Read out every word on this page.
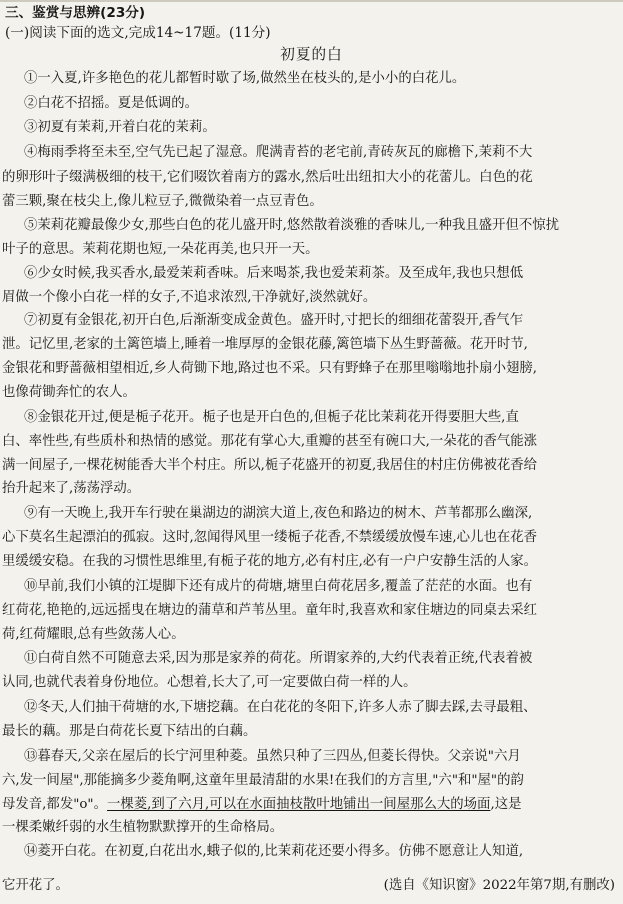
三、鉴赏与思辨(23分)

(一)阅读下面的选文,完成14~17题。(11分)

初夏的白

①一入夏,许多艳色的花儿都暂时歇了场,做然坐在枝头的,是小小的白花儿。

②白花不招摇。夏是低调的。

③初夏有茉莉,开着白花的茉莉。

④梅雨季将至未至,空气先已起了湿意。爬满青苔的老宅前,青砖灰瓦的廊檐下,茉莉不大

的卵形叶子缀满极细的枝干,它们啜饮着南方的露水,然后吐出纽扣大小的花蕾儿。白色的花

蕾三颗,聚在枝尖上,像儿粒豆子,微微染着一点豆青色。

⑤茉莉花瓣最像少女,那些白色的花儿盛开时,悠然散着淡雅的香味儿,一种我且盛开但不惊扰

叶子的意思。茉莉花期也短,一朵花再美,也只开一天。

⑥少女时候,我买香水,最爱茉莉香味。后来喝茶,我也爱茉莉茶。及至成年,我也只想低

眉做一个像小白花一样的女子,不追求浓烈,干净就好,淡然就好。

⑦初夏有金银花,初开白色,后渐渐变成金黄色。盛开时,寸把长的细细花蕾裂开,香气乍

泄。记忆里,老家的土篱笆墙上,睡着一堆厚厚的金银花藤,篱笆墙下丛生野蔷薇。花开时节,

金银花和野蔷薇相望相近,乡人荷锄下地,路过也不采。只有野蜂子在那里嗡嗡地扑扇小翅膀,

也像荷锄奔忙的农人。

⑧金银花开过,便是栀子花开。栀子也是开白色的,但栀子花比茉莉花开得要胆大些,直

白、率性些,有些质朴和热情的感觉。那花有掌心大,重瓣的甚至有碗口大,一朵花的香气能涨

满一间屋子,一棵花树能香大半个村庄。所以,栀子花盛开的初夏,我居住的村庄仿佛被花香给

抬升起来了,荡荡浮动。

⑨有一天晚上,我开车行驶在巢湖边的湖滨大道上,夜色和路边的树木、芦苇都那么幽深,

心下莫名生起漂泊的孤寂。这时,忽闻得风里一缕栀子花香,不禁缓缓放慢车速,心儿也在花香

里缓缓安稳。在我的习惯性思维里,有栀子花的地方,必有村庄,必有一户户安静生活的人家。

⑩早前,我们小镇的江堤脚下还有成片的荷塘,塘里白荷花居多,覆盖了茫茫的水面。也有

红荷花,艳艳的,远远摇曳在塘边的蒲草和芦苇丛里。童年时,我喜欢和家住塘边的同桌去采红

荷,红荷耀眼,总有些敛荡人心。

⑪白荷自然不可随意去采,因为那是家养的荷花。所谓家养的,大约代表着正统,代表着被

认同,也就代表着身份地位。心想着,长大了,可一定要做白荷一样的人。

⑫冬天,人们抽干荷塘的水,下塘挖藕。在白花花的冬阳下,许多人赤了脚去踩,去寻最粗、

最长的藕。那是白荷花长夏下结出的白藕。

⑬暮春天,父亲在屋后的长宁河里种菱。虽然只种了三四丛,但菱长得快。父亲说"六月

六,发一间屋",那能摘多少菱角啊,这童年里最清甜的水果!在我们的方言里,"六"和"屋"的韵

母发音,都发"o"。一棵菱,到了六月,可以在水面抽枝散叶地铺出一间屋那么大的场面,这是

一棵柔嫩纤弱的水生植物默默撑开的生命格局。

⑭菱开白花。在初夏,白花出水,蛾子似的,比茉莉花还要小得多。仿佛不愿意让人知道,

它开花了。	(选自《知识窗》2022年第7期,有删改)
